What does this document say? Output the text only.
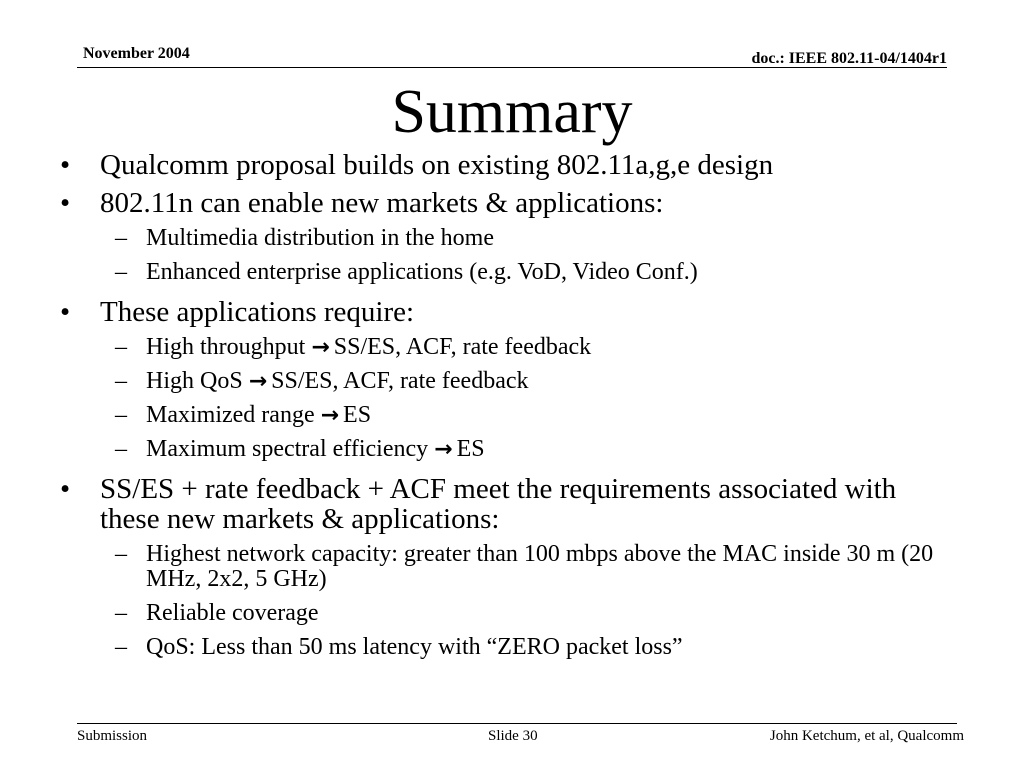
November 2004	doc.: IEEE 802.11-04/1404r1
Summary
•	Qualcomm proposal builds on existing 802.11a,g,e design
•	802.11n can enable new markets & applications:
– Multimedia distribution in the home
– Enhanced enterprise applications (e.g. VoD, Video Conf.)
•	These applications require:
– High throughput → SS/ES, ACF, rate feedback
– High QoS → SS/ES, ACF, rate feedback
– Maximized range → ES
– Maximum spectral efficiency → ES
•	SS/ES + rate feedback + ACF meet the requirements associated with these new markets & applications:
– Highest network capacity: greater than 100 mbps above the MAC inside 30 m (20 MHz, 2x2, 5 GHz)
– Reliable coverage
– QoS: Less than 50 ms latency with “ZERO packet loss”
Submission	Slide 30	John Ketchum, et al, Qualcomm
